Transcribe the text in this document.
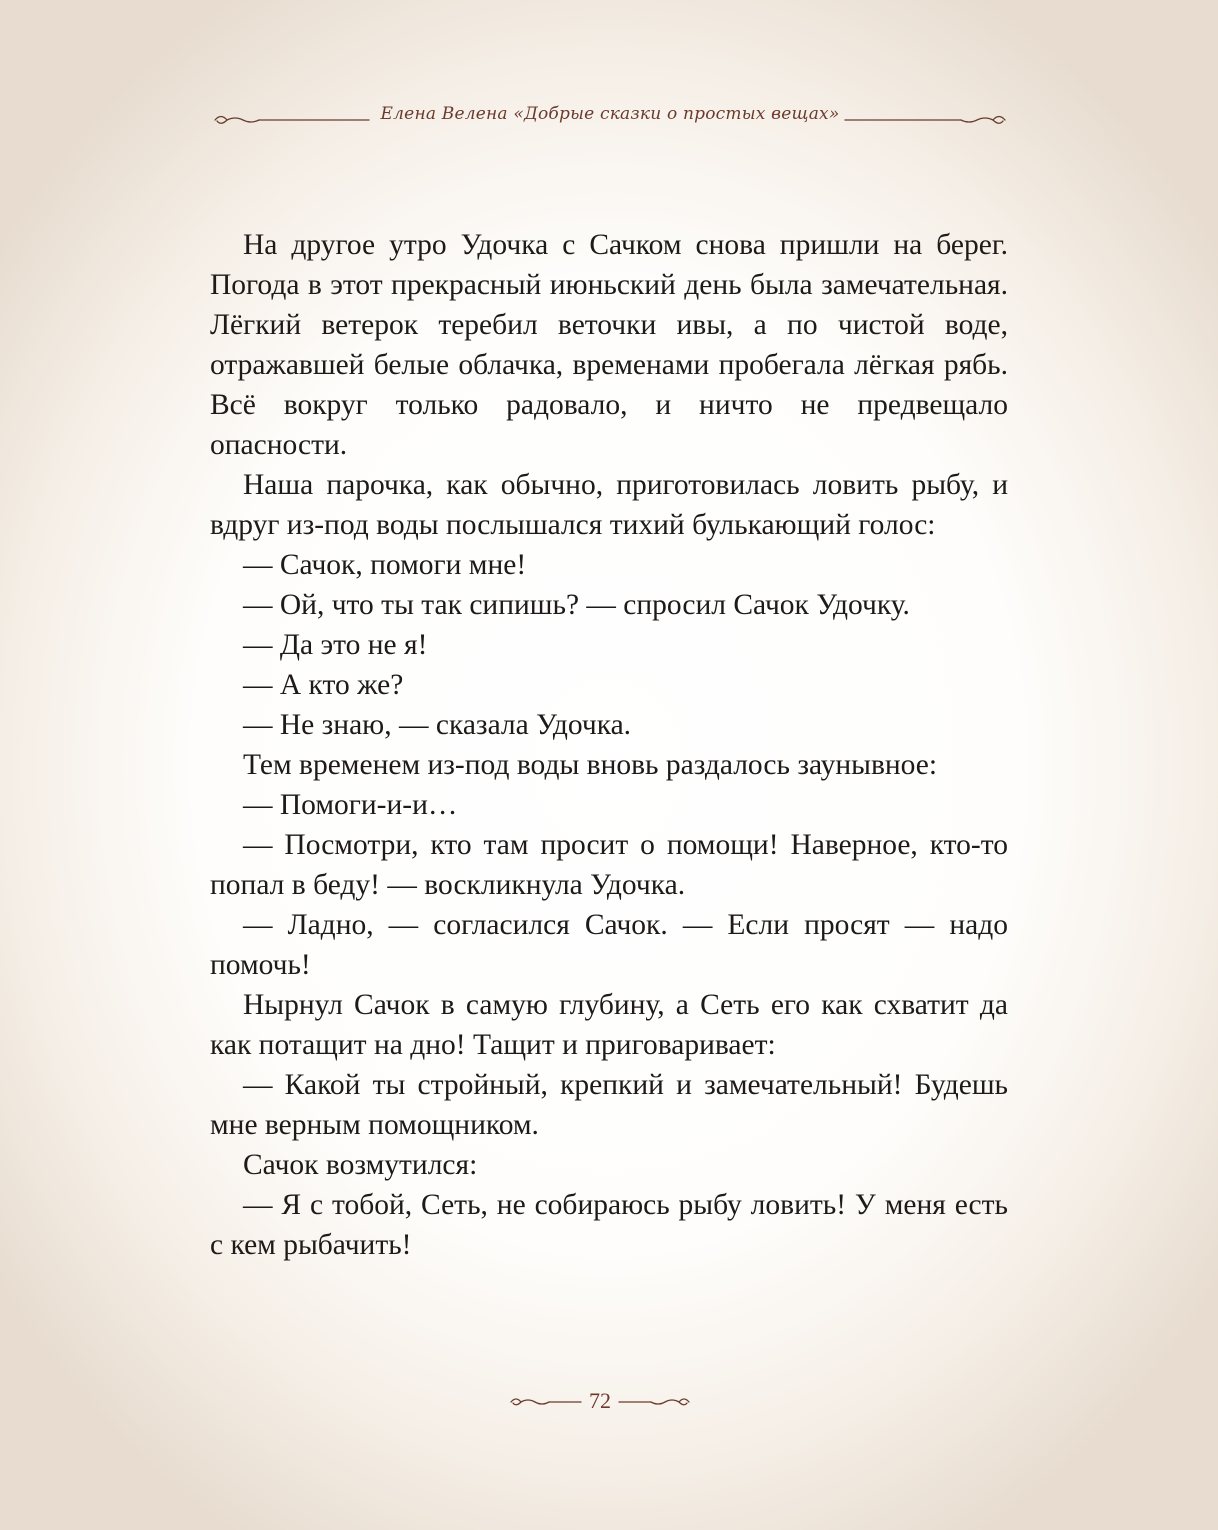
Елена Велена «Добрые сказки о простых вещах»

На другое утро Удочка с Сачком снова пришли на берег. Погода в этот прекрасный июньский день была замечательная. Лёгкий ветерок теребил веточки ивы, а по чистой воде, отражавшей белые облачка, временами пробегала лёгкая рябь. Всё вокруг только радовало, и ничто не предвещало опасности.

Наша парочка, как обычно, приготовилась ловить рыбу, и вдруг из-под воды послышался тихий булькающий голос:

— Сачок, помоги мне!

— Ой, что ты так сипишь? — спросил Сачок Удочку.

— Да это не я!

— А кто же?

— Не знаю, — сказала Удочка.

Тем временем из-под воды вновь раздалось заунывное:

— Помоги-и-и…

— Посмотри, кто там просит о помощи! Наверное, кто-то попал в беду! — воскликнула Удочка.

— Ладно, — согласился Сачок. — Если просят — надо помочь!

Нырнул Сачок в самую глубину, а Сеть его как схватит да как потащит на дно! Тащит и приговаривает:

— Какой ты стройный, крепкий и замечательный! Будешь мне верным помощником.

Сачок возмутился:

— Я с тобой, Сеть, не собираюсь рыбу ловить! У меня есть с кем рыбачить!

72
